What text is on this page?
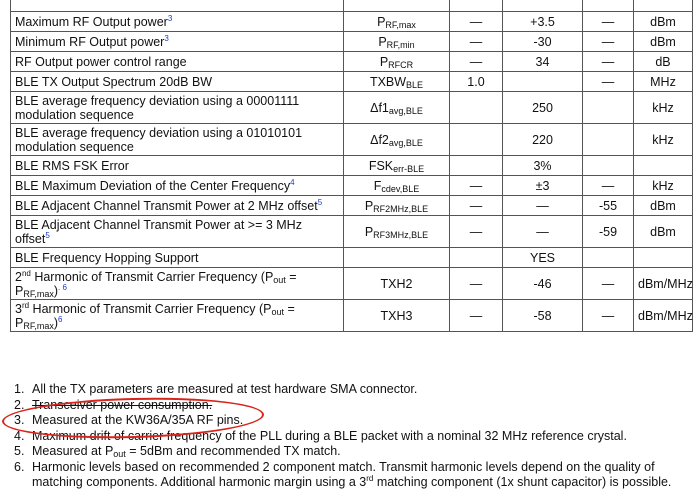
Maximum RF Output power$^3$	$P_{RF,max}$	—	+3.5	—	dBm
Minimum RF Output power$^3$	$P_{RF,min}$	—	-30	—	dBm
RF Output power control range	$P_{RFCR}$	—	34	—	dB
BLE TX Output Spectrum 20dB BW	$TXBW_{BLE}$	1.0		—	MHz
BLE average frequency deviation using a 00001111 modulation sequence	$\Delta f1_{avg,BLE}$		250		kHz
BLE average frequency deviation using a 01010101 modulation sequence	$\Delta f2_{avg,BLE}$		220		kHz
BLE RMS FSK Error	$FSK_{err-BLE}$		3%		
BLE Maximum Deviation of the Center Frequency$^4$	$F_{cdev,BLE}$	—	±3	—	kHz
BLE Adjacent Channel Transmit Power at 2 MHz offset$^5$	$P_{RF2MHz,BLE}$	—	—	-55	dBm
BLE Adjacent Channel Transmit Power at >= 3 MHz offset$^5$	$P_{RF3MHz,BLE}$	—	—	-59	dBm
BLE Frequency Hopping Support			YES		
2nd Harmonic of Transmit Carrier Frequency ($P_{out}$ =
$P_{RF,max})^{. 6}$	TXH2	—	-46	—	dBm/MHz
3rd Harmonic of Transmit Carrier Frequency ($P_{out}$ =
$P_{RF,max})^6$	TXH3	—	-58	—	dBm/MHz
1. All the TX parameters are measured at test hardware SMA connector.
2. Transceiver power consumption.
3. Measured at the KW36A/35A RF pins.
4. Maximum drift of carrier frequency of the PLL during a BLE packet with a nominal 32 MHz reference crystal.
5. Measured at $P_{out} = 5dBm$ and recommended TX match.
6. Harmonic levels based on recommended 2 component match. Transmit harmonic levels depend on the quality of matching components. Additional harmonic margin using a 3rd matching component (1x shunt capacitor) is possible.
